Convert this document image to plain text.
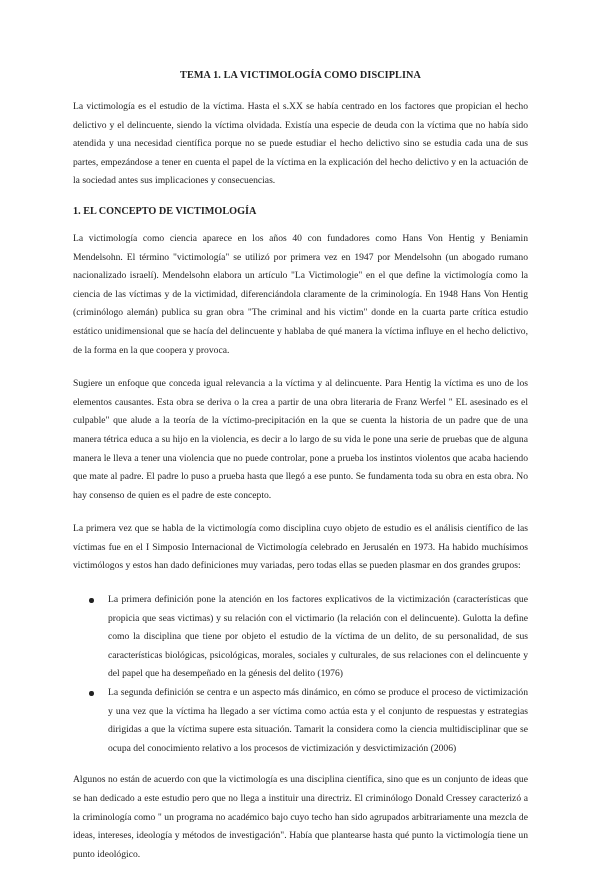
TEMA 1. LA VICTIMOLOGÍA COMO DISCIPLINA

La victimología es el estudio de la víctima. Hasta el s.XX se había centrado en los factores que propician el hecho delictivo y el delincuente, siendo la víctima olvidada. Existía una especie de deuda con la víctima que no había sido atendida y una necesidad científica porque no se puede estudiar el hecho delictivo sino se estudia cada una de sus partes, empezándose a tener en cuenta el papel de la víctima en la explicación del hecho delictivo y en la actuación de la sociedad antes sus implicaciones y consecuencias.

1. EL CONCEPTO DE VICTIMOLOGÍA

La victimología como ciencia aparece en los años 40 con fundadores como Hans Von Hentig y Beniamin Mendelsohn. El término "victimología" se utilizó por primera vez en 1947 por Mendelsohn (un abogado rumano nacionalizado israelí). Mendelsohn elabora un artículo "La Victimologie" en el que define la victimología como la ciencia de las víctimas y de la victimidad, diferenciándola claramente de la criminología. En 1948 Hans Von Hentig (criminólogo alemán) publica su gran obra "The criminal and his victim" donde en la cuarta parte crítica estudio estático unidimensional que se hacía del delincuente y hablaba de qué manera la víctima influye en el hecho delictivo, de la forma en la que coopera y provoca.

Sugiere un enfoque que conceda igual relevancia a la víctima y al delincuente. Para Hentig la víctima es uno de los elementos causantes. Esta obra se deriva o la crea a partir de una obra literaria de Franz Werfel " EL asesinado es el culpable" que alude a la teoría de la víctimo-precipitación en la que se cuenta la historia de un padre que de una manera tétrica educa a su hijo en la violencia, es decir a lo largo de su vida le pone una serie de pruebas que de alguna manera le lleva a tener una violencia que no puede controlar, pone a prueba los instintos violentos que acaba haciendo que mate al padre. El padre lo puso a prueba hasta que llegó a ese punto. Se fundamenta toda su obra en esta obra. No hay consenso de quien es el padre de este concepto.

La primera vez que se habla de la victimología como disciplina cuyo objeto de estudio es el análisis científico de las víctimas fue en el I Simposio Internacional de Victimología celebrado en Jerusalén en 1973. Ha habido muchísimos victimólogos y estos han dado definiciones muy variadas, pero todas ellas se pueden plasmar en dos grandes grupos:

La primera definición pone la atención en los factores explicativos de la victimización (características que propicia que seas victimas) y su relación con el victimario (la relación con el delincuente). Gulotta la define como la disciplina que tiene por objeto el estudio de la víctima de un delito, de su personalidad, de sus características biológicas, psicológicas, morales, sociales y culturales, de sus relaciones con el delincuente y del papel que ha desempeñado en la génesis del delito (1976)
La segunda definición se centra e un aspecto más dinámico, en cómo se produce el proceso de victimización y una vez que la víctima ha llegado a ser víctima como actúa esta y el conjunto de respuestas y estrategias dirigidas a que la víctima supere esta situación. Tamarit la considera como la ciencia multidisciplinar que se ocupa del conocimiento relativo a los procesos de victimización y desvictimización (2006)

Algunos no están de acuerdo con que la victimología es una disciplina científica, sino que es un conjunto de ideas que se han dedicado a este estudio pero que no llega a instituir una directriz. El criminólogo Donald Cressey caracterizó a la criminología como " un programa no académico bajo cuyo techo han sido agrupados arbitrariamente una mezcla de ideas, intereses, ideología y métodos de investigación". Había que plantearse hasta qué punto la victimología tiene un punto ideológico.
